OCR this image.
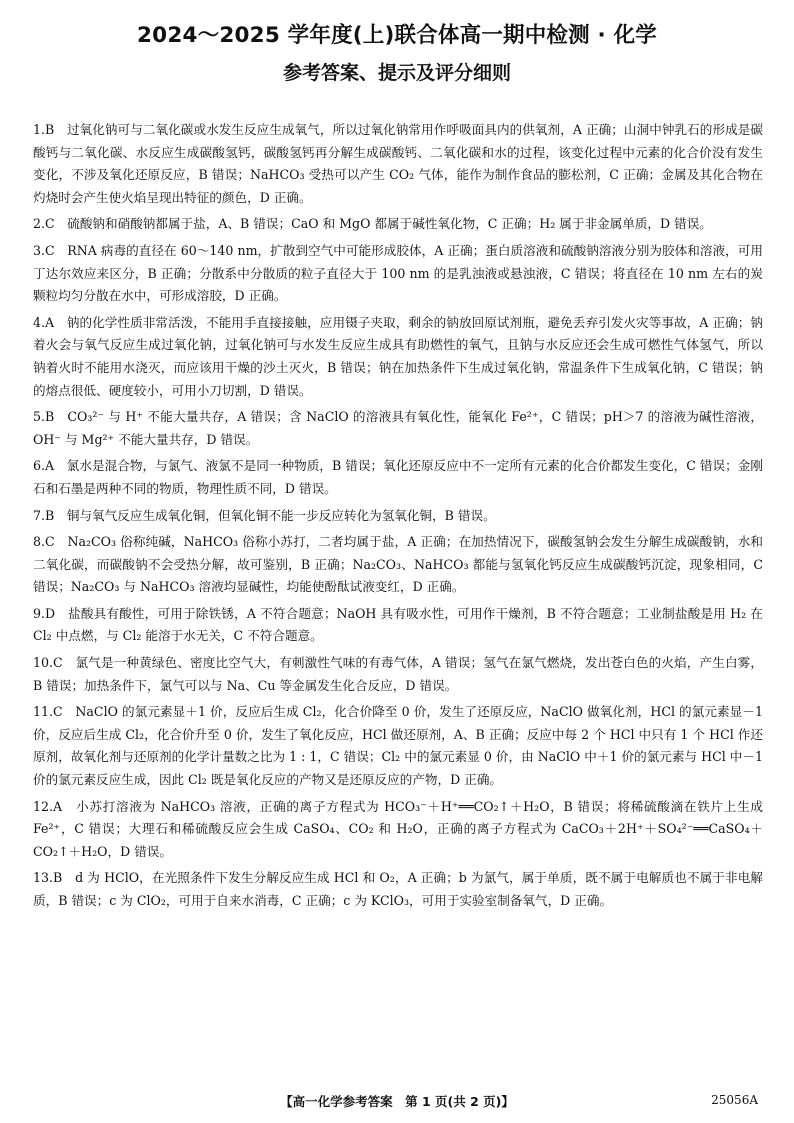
2024～2025 学年度(上)联合体高一期中检测 · 化学
参考答案、提示及评分细则

1.B　过氧化钠可与二氧化碳或水发生反应生成氧气，所以过氧化钠常用作呼吸面具内的供氧剂，A 正确；山洞中钟乳石的形成是碳酸钙与二氧化碳、水反应生成碳酸氢钙，碳酸氢钙再分解生成碳酸钙、二氧化碳和水的过程，该变化过程中元素的化合价没有发生变化，不涉及氧化还原反应，B 错误；NaHCO₃ 受热可以产生 CO₂ 气体，能作为制作食品的膨松剂，C 正确；金属及其化合物在灼烧时会产生使火焰呈现出特征的颜色，D 正确。

2.C　硫酸钠和硝酸钠都属于盐，A、B 错误；CaO 和 MgO 都属于碱性氧化物，C 正确；H₂ 属于非金属单质，D 错误。

3.C　RNA 病毒的直径在 60～140 nm，扩散到空气中可能形成胶体，A 正确；蛋白质溶液和硫酸钠溶液分别为胶体和溶液，可用丁达尔效应来区分，B 正确；分散系中分散质的粒子直径大于 100 nm 的是乳浊液或悬浊液，C 错误；将直径在 10 nm 左右的炭颗粒均匀分散在水中，可形成溶胶，D 正确。

4.A　钠的化学性质非常活泼，不能用手直接接触，应用镊子夹取，剩余的钠放回原试剂瓶，避免丢弃引发火灾等事故，A 正确；钠着火会与氧气反应生成过氧化钠，过氧化钠可与水发生反应生成具有助燃性的氧气，且钠与水反应还会生成可燃性气体氢气，所以钠着火时不能用水浇灭，而应该用干燥的沙土灭火，B 错误；钠在加热条件下生成过氧化钠，常温条件下生成氧化钠，C 错误；钠的熔点很低、硬度较小，可用小刀切割，D 错误。

5.B　CO₃²⁻ 与 H⁺ 不能大量共存，A 错误；含 NaClO 的溶液具有氧化性，能氧化 Fe²⁺，C 错误；pH＞7 的溶液为碱性溶液，OH⁻ 与 Mg²⁺ 不能大量共存，D 错误。

6.A　氯水是混合物，与氯气、液氯不是同一种物质，B 错误；氧化还原反应中不一定所有元素的化合价都发生变化，C 错误；金刚石和石墨是两种不同的物质，物理性质不同，D 错误。

7.B　铜与氧气反应生成氧化铜，但氧化铜不能一步反应转化为氢氧化铜，B 错误。

8.C　Na₂CO₃ 俗称纯碱，NaHCO₃ 俗称小苏打，二者均属于盐，A 正确；在加热情况下，碳酸氢钠会发生分解生成碳酸钠，水和二氧化碳，而碳酸钠不会受热分解，故可鉴别，B 正确；Na₂CO₃、NaHCO₃ 都能与氢氧化钙反应生成碳酸钙沉淀，现象相同，C 错误；Na₂CO₃ 与 NaHCO₃ 溶液均显碱性，均能使酚酞试液变红，D 正确。

9.D　盐酸具有酸性，可用于除铁锈，A 不符合题意；NaOH 具有吸水性，可用作干燥剂，B 不符合题意；工业制盐酸是用 H₂ 在 Cl₂ 中点燃，与 Cl₂ 能溶于水无关，C 不符合题意。

10.C　氯气是一种黄绿色、密度比空气大，有刺激性气味的有毒气体，A 错误；氢气在氯气燃烧，发出苍白色的火焰，产生白雾，B 错误；加热条件下，氯气可以与 Na、Cu 等金属发生化合反应，D 错误。

11.C　NaClO 的氯元素显＋1 价，反应后生成 Cl₂，化合价降至 0 价，发生了还原反应，NaClO 做氧化剂，HCl 的氯元素显－1 价，反应后生成 Cl₂，化合价升至 0 价，发生了氧化反应，HCl 做还原剂，A、B 正确；反应中每 2 个 HCl 中只有 1 个 HCl 作还原剂，故氧化剂与还原剂的化学计量数之比为 1 : 1，C 错误；Cl₂ 中的氯元素显 0 价，由 NaClO 中＋1 价的氯元素与 HCl 中－1 价的氯元素反应生成，因此 Cl₂ 既是氧化反应的产物又是还原反应的产物，D 正确。

12.A　小苏打溶液为 NaHCO₃ 溶液，正确的离子方程式为 HCO₃⁻＋H⁺══CO₂↑＋H₂O，B 错误；将稀硫酸滴在铁片上生成 Fe²⁺，C 错误；大理石和稀硫酸反应会生成 CaSO₄、CO₂ 和 H₂O，正确的离子方程式为 CaCO₃＋2H⁺＋SO₄²⁻══CaSO₄＋CO₂↑＋H₂O，D 错误。

13.B　d 为 HClO，在光照条件下发生分解反应生成 HCl 和 O₂，A 正确；b 为氯气，属于单质，既不属于电解质也不属于非电解质，B 错误；c 为 ClO₂，可用于自来水消毒，C 正确；c 为 KClO₃，可用于实验室制备氧气，D 正确。

【高一化学参考答案　第 1 页(共 2 页)】	25056A
